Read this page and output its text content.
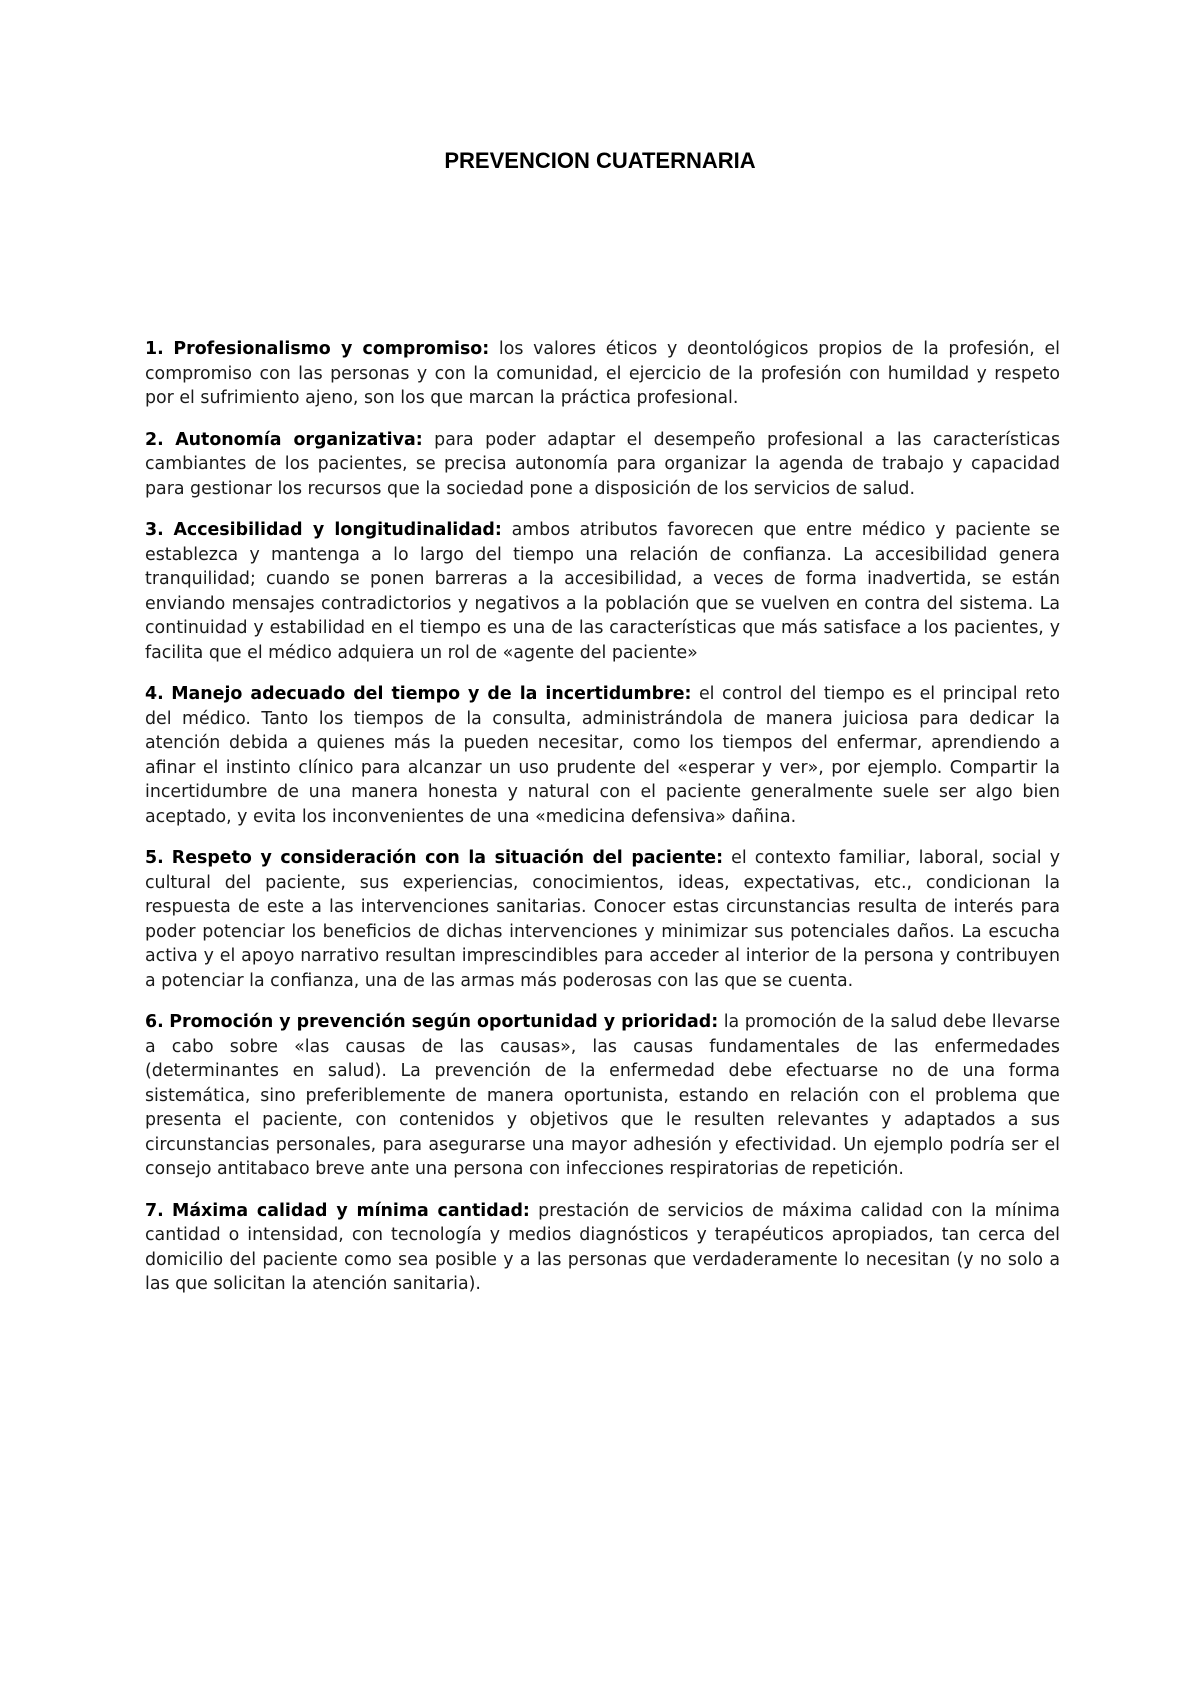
PREVENCION CUATERNARIA

1. Profesionalismo y compromiso: los valores éticos y deontológicos propios de la profesión, el compromiso con las personas y con la comunidad, el ejercicio de la profesión con humildad y respeto por el sufrimiento ajeno, son los que marcan la práctica profesional.

2. Autonomía organizativa: para poder adaptar el desempeño profesional a las características cambiantes de los pacientes, se precisa autonomía para organizar la agenda de trabajo y capacidad para gestionar los recursos que la sociedad pone a disposición de los servicios de salud.

3. Accesibilidad y longitudinalidad: ambos atributos favorecen que entre médico y paciente se establezca y mantenga a lo largo del tiempo una relación de confianza. La accesibilidad genera tranquilidad; cuando se ponen barreras a la accesibilidad, a veces de forma inadvertida, se están enviando mensajes contradictorios y negativos a la población que se vuelven en contra del sistema. La continuidad y estabilidad en el tiempo es una de las características que más satisface a los pacientes, y facilita que el médico adquiera un rol de «agente del paciente»

4. Manejo adecuado del tiempo y de la incertidumbre: el control del tiempo es el principal reto del médico. Tanto los tiempos de la consulta, administrándola de manera juiciosa para dedicar la atención debida a quienes más la pueden necesitar, como los tiempos del enfermar, aprendiendo a afinar el instinto clínico para alcanzar un uso prudente del «esperar y ver», por ejemplo. Compartir la incertidumbre de una manera honesta y natural con el paciente generalmente suele ser algo bien aceptado, y evita los inconvenientes de una «medicina defensiva» dañina.

5. Respeto y consideración con la situación del paciente: el contexto familiar, laboral, social y cultural del paciente, sus experiencias, conocimientos, ideas, expectativas, etc., condicionan la respuesta de este a las intervenciones sanitarias. Conocer estas circunstancias resulta de interés para poder potenciar los beneficios de dichas intervenciones y minimizar sus potenciales daños. La escucha activa y el apoyo narrativo resultan imprescindibles para acceder al interior de la persona y contribuyen a potenciar la confianza, una de las armas más poderosas con las que se cuenta.

6. Promoción y prevención según oportunidad y prioridad: la promoción de la salud debe llevarse a cabo sobre «las causas de las causas», las causas fundamentales de las enfermedades (determinantes en salud). La prevención de la enfermedad debe efectuarse no de una forma sistemática, sino preferiblemente de manera oportunista, estando en relación con el problema que presenta el paciente, con contenidos y objetivos que le resulten relevantes y adaptados a sus circunstancias personales, para asegurarse una mayor adhesión y efectividad. Un ejemplo podría ser el consejo antitabaco breve ante una persona con infecciones respiratorias de repetición.

7. Máxima calidad y mínima cantidad: prestación de servicios de máxima calidad con la mínima cantidad o intensidad, con tecnología y medios diagnósticos y terapéuticos apropiados, tan cerca del domicilio del paciente como sea posible y a las personas que verdaderamente lo necesitan (y no solo a las que solicitan la atención sanitaria).
